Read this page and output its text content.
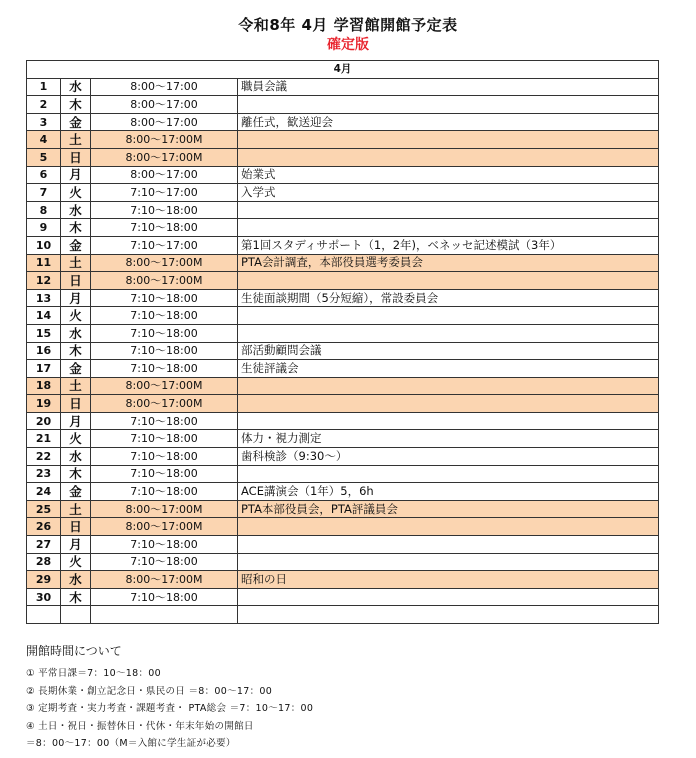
令和8年 4月 学習館開館予定表
確定版
4月			
1	水	8:00～17:00	職員会議
2	木	8:00～17:00	
3	金	8:00～17:00	離任式，歓送迎会
4	土	8:00～17:00M	
5	日	8:00～17:00M	
6	月	8:00～17:00	始業式
7	火	7:10～17:00	入学式
8	水	7:10～18:00	
9	木	7:10～18:00	
10	金	7:10～17:00	第1回スタディサポート（1，2年)，ベネッセ記述模試（3年）
11	土	8:00～17:00M	PTA会計調査，本部役員選考委員会
12	日	8:00～17:00M	
13	月	7:10～18:00	生徒面談期間（5分短縮），常設委員会
14	火	7:10～18:00	
15	水	7:10～18:00	
16	木	7:10～18:00	部活動顧問会議
17	金	7:10～18:00	生徒評議会
18	土	8:00～17:00M	
19	日	8:00～17:00M	
20	月	7:10～18:00	
21	火	7:10～18:00	体力・視力測定
22	水	7:10～18:00	歯科検診（9:30～）
23	木	7:10～18:00	
24	金	7:10～18:00	ACE講演会（1年）5，6h
25	土	8:00～17:00M	PTA本部役員会，PTA評議員会
26	日	8:00～17:00M	
27	月	7:10～18:00	
28	火	7:10～18:00	
29	水	8:00～17:00M	昭和の日
30	木	7:10～18:00	

開館時間について
① 平常日課＝7：10～18：00
② 長期休業・創立記念日・県民の日 ＝8：00～17：00
③ 定期考査・実力考査・課題考査・ PTA総会 ＝7：10～17：00
④ 土日・祝日・振替休日・代休・年末年始の開館日
＝8：00～17：00（M＝入館に学生証が必要）
